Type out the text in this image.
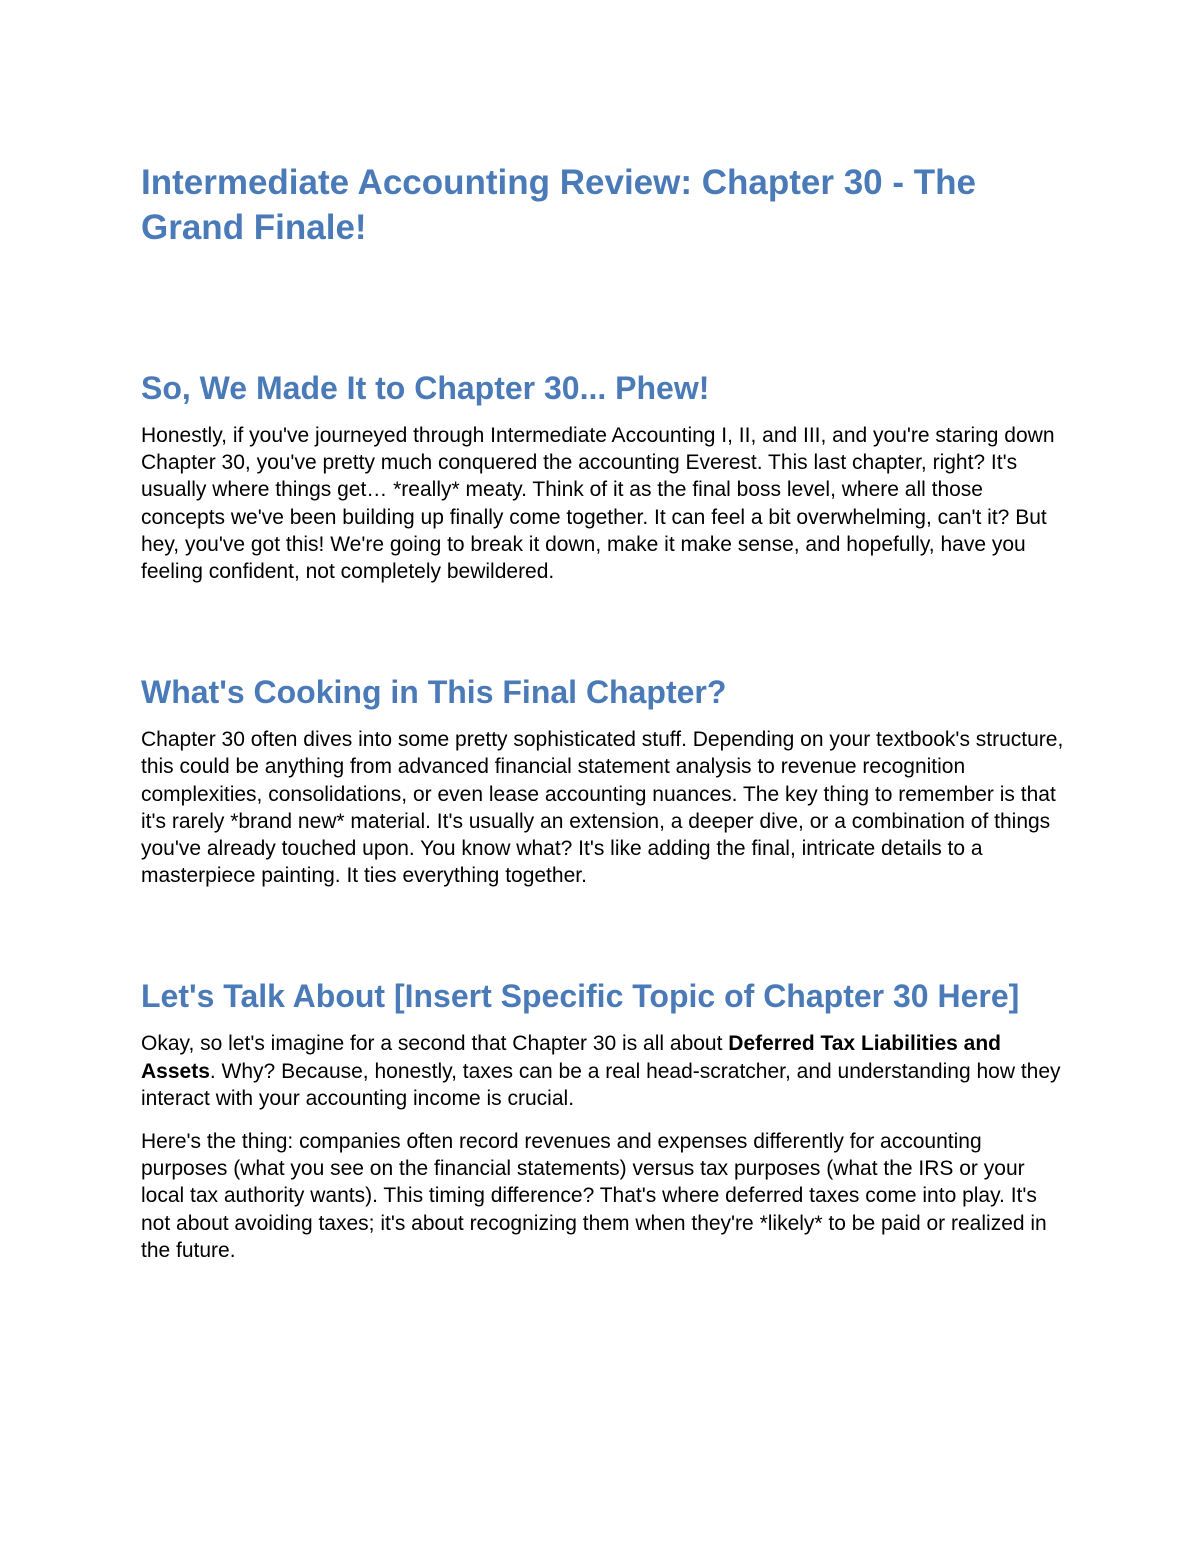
Intermediate Accounting Review: Chapter 30 - The Grand Finale!
So, We Made It to Chapter 30... Phew!

Honestly, if you've journeyed through Intermediate Accounting I, II, and III, and you're staring down Chapter 30, you've pretty much conquered the accounting Everest. This last chapter, right? It's usually where things get… *really* meaty. Think of it as the final boss level, where all those concepts we've been building up finally come together. It can feel a bit overwhelming, can't it? But hey, you've got this! We're going to break it down, make it make sense, and hopefully, have you feeling confident, not completely bewildered.

What's Cooking in This Final Chapter?

Chapter 30 often dives into some pretty sophisticated stuff. Depending on your textbook's structure, this could be anything from advanced financial statement analysis to revenue recognition complexities, consolidations, or even lease accounting nuances. The key thing to remember is that it's rarely *brand new* material. It's usually an extension, a deeper dive, or a combination of things you've already touched upon. You know what? It's like adding the final, intricate details to a masterpiece painting. It ties everything together.

Let's Talk About [Insert Specific Topic of Chapter 30 Here]

Okay, so let's imagine for a second that Chapter 30 is all about Deferred Tax Liabilities and Assets. Why? Because, honestly, taxes can be a real head-scratcher, and understanding how they interact with your accounting income is crucial.

Here's the thing: companies often record revenues and expenses differently for accounting purposes (what you see on the financial statements) versus tax purposes (what the IRS or your local tax authority wants). This timing difference? That's where deferred taxes come into play. It's not about avoiding taxes; it's about recognizing them when they're *likely* to be paid or realized in the future.
